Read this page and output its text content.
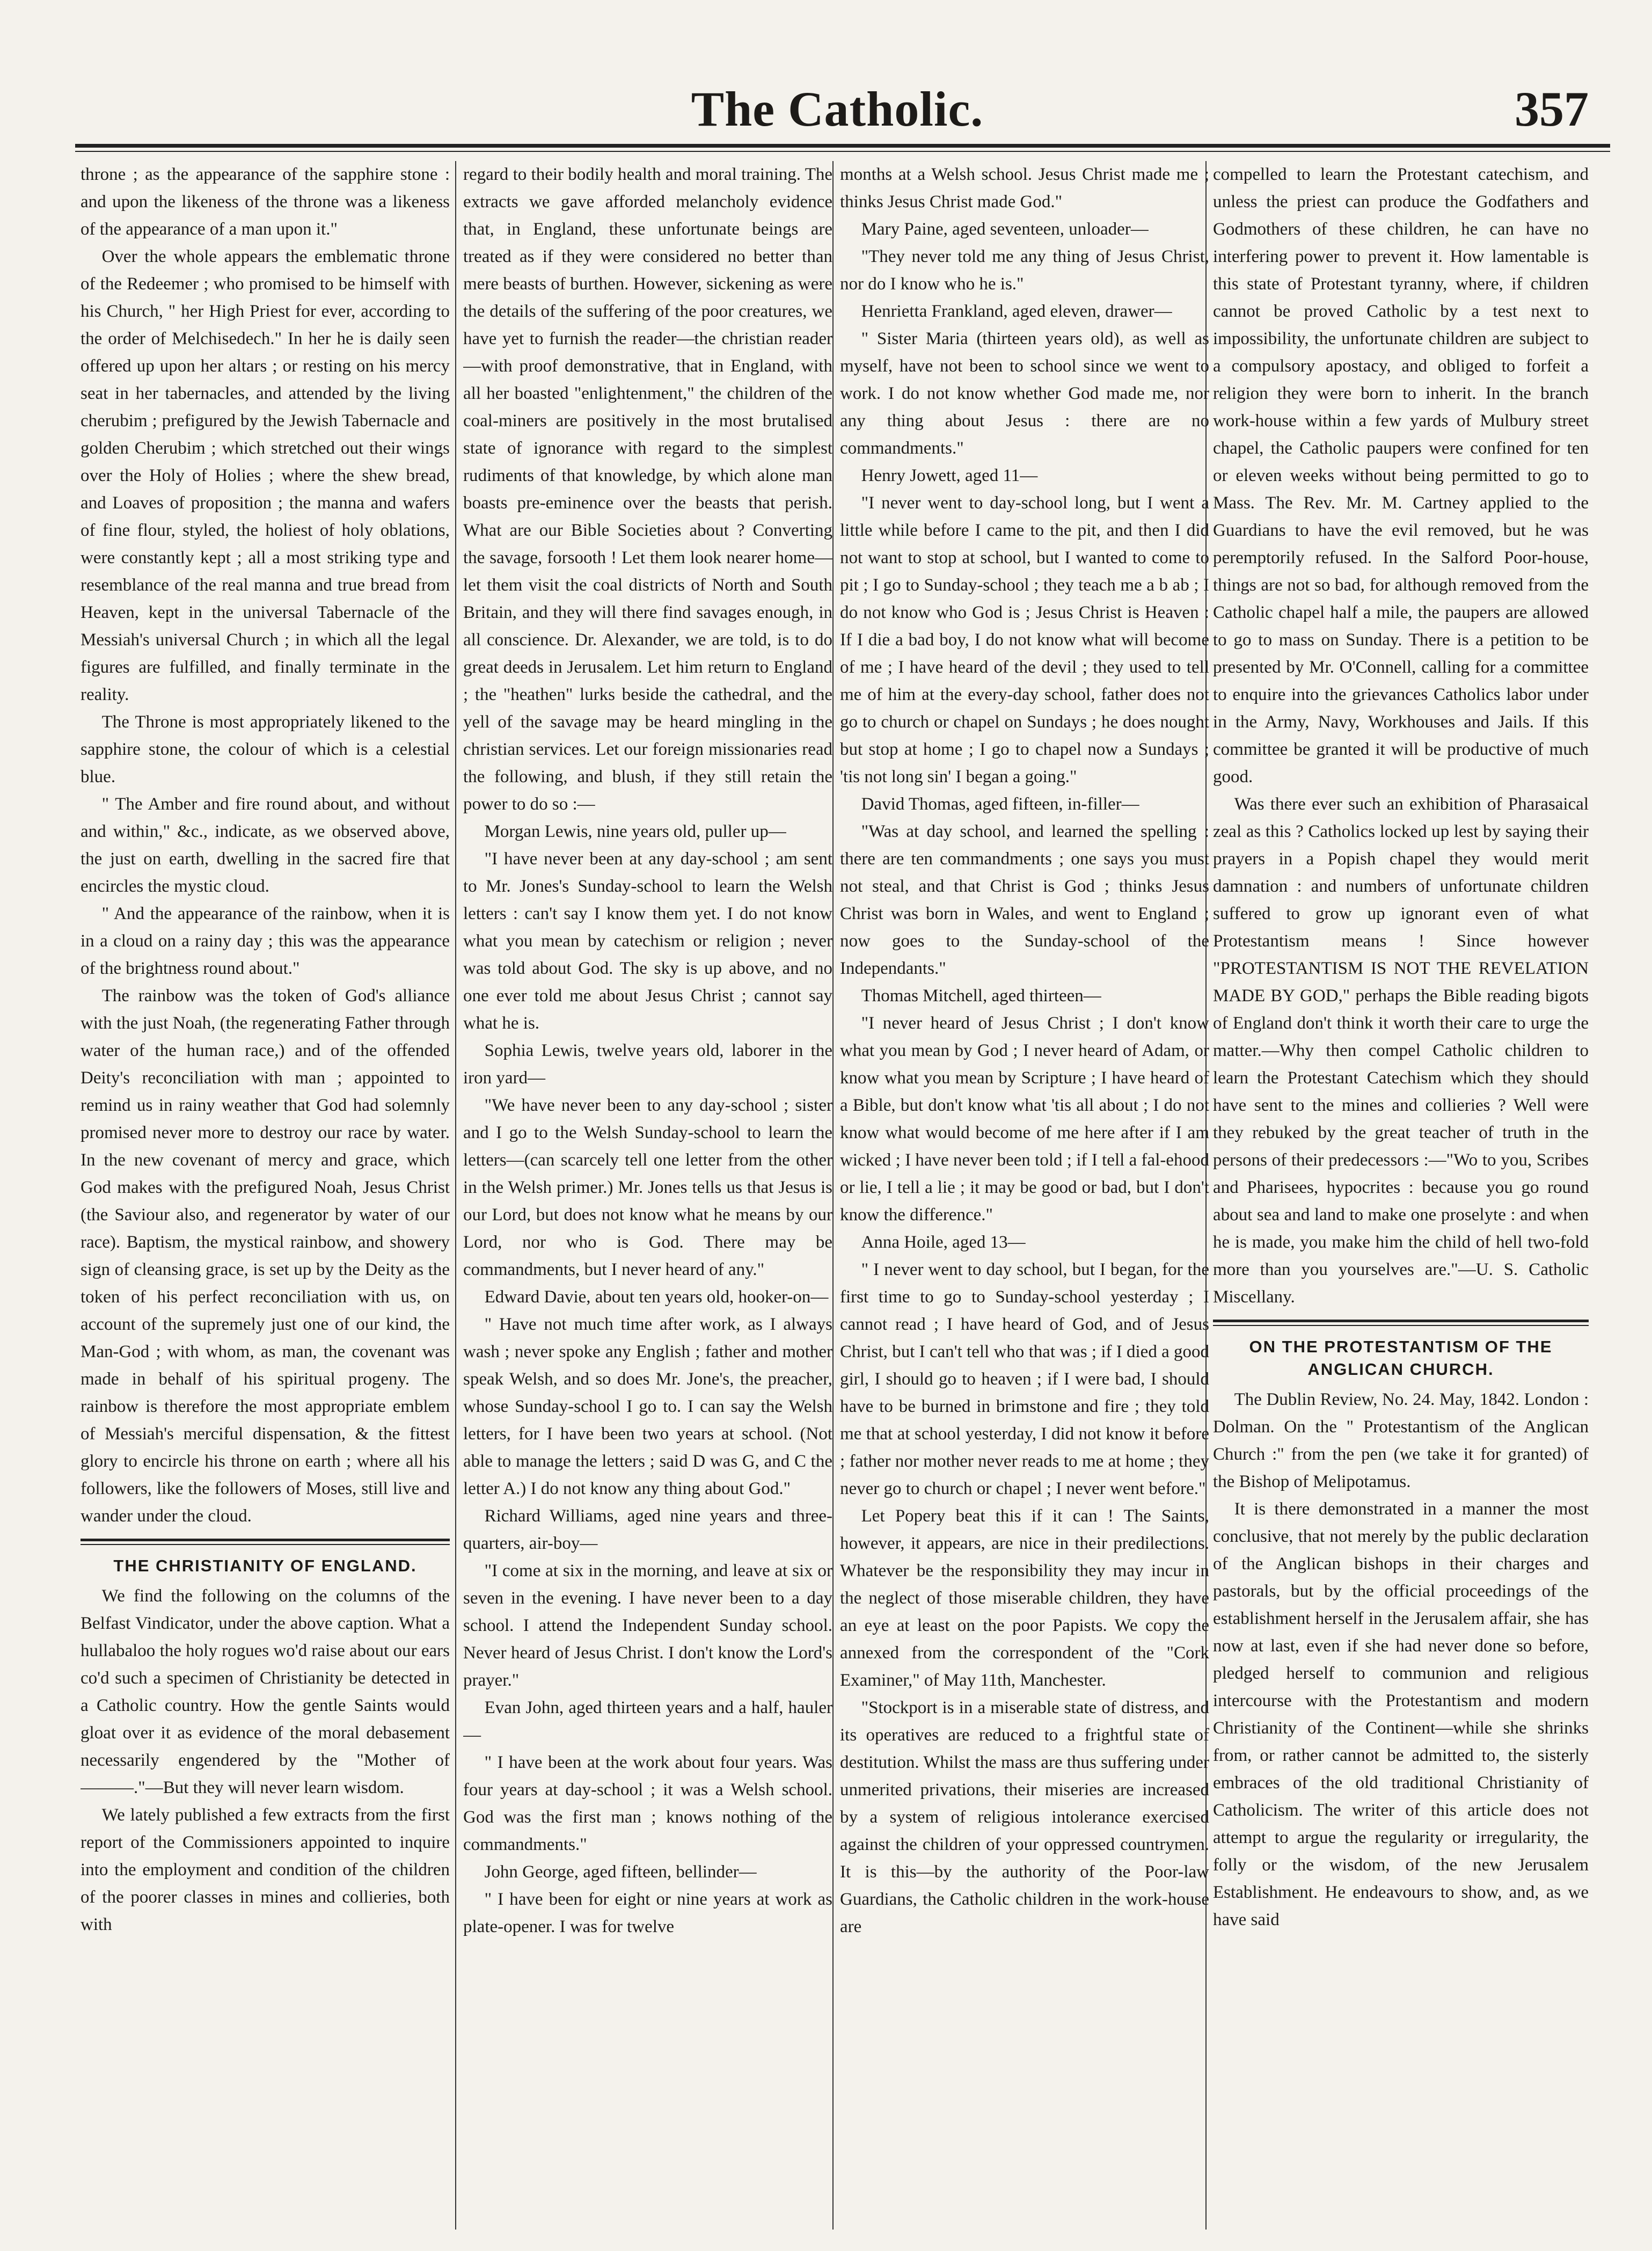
The Catholic.	357

throne ; as the appearance of the sapphire stone : and upon the likeness of the throne was a likeness of the appearance of a man upon it."

Over the whole appears the emblematic throne of the Redeemer ; who promised to be himself with his Church, " her High Priest for ever, according to the order of Melchisedech." In her he is daily seen offered up upon her altars ; or resting on his mercy seat in her tabernacles, and attended by the living cherubim ; prefigured by the Jewish Tabernacle and golden Cherubim ; which stretched out their wings over the Holy of Holies ; where the shew bread, and Loaves of proposition ; the manna and wafers of fine flour, styled, the holiest of holy oblations, were constantly kept ; all a most striking type and resemblance of the real manna and true bread from Heaven, kept in the universal Tabernacle of the Messiah's universal Church ; in which all the legal figures are fulfilled, and finally terminate in the reality.

The Throne is most appropriately likened to the sapphire stone, the colour of which is a celestial blue.

" The Amber and fire round about, and without and within," &c., indicate, as we observed above, the just on earth, dwelling in the sacred fire that encircles the mystic cloud.

" And the appearance of the rainbow, when it is in a cloud on a rainy day ; this was the appearance of the brightness round about."

The rainbow was the token of God's alliance with the just Noah, (the regenerating Father through water of the human race,) and of the offended Deity's reconciliation with man ; appointed to remind us in rainy weather that God had solemnly promised never more to destroy our race by water. In the new covenant of mercy and grace, which God makes with the prefigured Noah, Jesus Christ (the Saviour also, and regenerator by water of our race). Baptism, the mystical rainbow, and showery sign of cleansing grace, is set up by the Deity as the token of his perfect reconciliation with us, on account of the supremely just one of our kind, the Man-God ; with whom, as man, the covenant was made in behalf of his spiritual progeny. The rainbow is therefore the most appropriate emblem of Messiah's merciful dispensation, & the fittest glory to encircle his throne on earth ; where all his followers, like the followers of Moses, still live and wander under the cloud.

THE CHRISTIANITY OF ENGLAND.

We find the following on the columns of the Belfast Vindicator, under the above caption. What a hullabaloo the holy rogues wo'd raise about our ears co'd such a specimen of Christianity be detected in a Catholic country. How the gentle Saints would gloat over it as evidence of the moral debasement necessarily engendered by the "Mother of———."—But they will never learn wisdom.

We lately published a few extracts from the first report of the Commissioners appointed to inquire into the employment and condition of the children of the poorer classes in mines and collieries, both with

regard to their bodily health and moral training. The extracts we gave afforded melancholy evidence that, in England, these unfortunate beings are treated as if they were considered no better than mere beasts of burthen. However, sickening as were the details of the suffering of the poor creatures, we have yet to furnish the reader—the christian reader—with proof demonstrative, that in England, with all her boasted "enlightenment," the children of the coal-miners are positively in the most brutalised state of ignorance with regard to the simplest rudiments of that knowledge, by which alone man boasts pre-eminence over the beasts that perish. What are our Bible Societies about ? Converting the savage, forsooth ! Let them look nearer home—let them visit the coal districts of North and South Britain, and they will there find savages enough, in all conscience. Dr. Alexander, we are told, is to do great deeds in Jerusalem. Let him return to England ; the "heathen" lurks beside the cathedral, and the yell of the savage may be heard mingling in the christian services. Let our foreign missionaries read the following, and blush, if they still retain the power to do so :—

Morgan Lewis, nine years old, puller up—

"I have never been at any day-school ; am sent to Mr. Jones's Sunday-school to learn the Welsh letters : can't say I know them yet. I do not know what you mean by catechism or religion ; never was told about God. The sky is up above, and no one ever told me about Jesus Christ ; cannot say what he is.

Sophia Lewis, twelve years old, laborer in the iron yard—

"We have never been to any day-school ; sister and I go to the Welsh Sunday-school to learn the letters—(can scarcely tell one letter from the other in the Welsh primer.) Mr. Jones tells us that Jesus is our Lord, but does not know what he means by our Lord, nor who is God. There may be commandments, but I never heard of any."

Edward Davie, about ten years old, hooker-on—

" Have not much time after work, as I always wash ; never spoke any English ; father and mother speak Welsh, and so does Mr. Jone's, the preacher, whose Sunday-school I go to. I can say the Welsh letters, for I have been two years at school. (Not able to manage the letters ; said D was G, and C the letter A.) I do not know any thing about God."

Richard Williams, aged nine years and three-quarters, air-boy—

"I come at six in the morning, and leave at six or seven in the evening. I have never been to a day school. I attend the Independent Sunday school. Never heard of Jesus Christ. I don't know the Lord's prayer."

Evan John, aged thirteen years and a half, hauler—

" I have been at the work about four years. Was four years at day-school ; it was a Welsh school. God was the first man ; knows nothing of the commandments."

John George, aged fifteen, bellinder—

" I have been for eight or nine years at work as plate-opener. I was for twelve

months at a Welsh school. Jesus Christ made me ; thinks Jesus Christ made God."

Mary Paine, aged seventeen, unloader—

"They never told me any thing of Jesus Christ, nor do I know who he is."

Henrietta Frankland, aged eleven, drawer—

" Sister Maria (thirteen years old), as well as myself, have not been to school since we went to work. I do not know whether God made me, nor any thing about Jesus : there are no commandments."

Henry Jowett, aged 11—

"I never went to day-school long, but I went a little while before I came to the pit, and then I did not want to stop at school, but I wanted to come to pit ; I go to Sunday-school ; they teach me a b ab ; I do not know who God is ; Jesus Christ is Heaven : If I die a bad boy, I do not know what will become of me ; I have heard of the devil ; they used to tell me of him at the every-day school, father does not go to church or chapel on Sundays ; he does nought but stop at home ; I go to chapel now a Sundays ; 'tis not long sin' I began a going."

David Thomas, aged fifteen, in-filler—

"Was at day school, and learned the spelling : there are ten commandments ; one says you must not steal, and that Christ is God ; thinks Jesus Christ was born in Wales, and went to England ; now goes to the Sunday-school of the Independants."

Thomas Mitchell, aged thirteen—

"I never heard of Jesus Christ ; I don't know what you mean by God ; I never heard of Adam, or know what you mean by Scripture ; I have heard of a Bible, but don't know what 'tis all about ; I do not know what would become of me here after if I am wicked ; I have never been told ; if I tell a fal-ehood or lie, I tell a lie ; it may be good or bad, but I don't know the difference."

Anna Hoile, aged 13—

" I never went to day school, but I began, for the first time to go to Sunday-school yesterday ; I cannot read ; I have heard of God, and of Jesus Christ, but I can't tell who that was ; if I died a good girl, I should go to heaven ; if I were bad, I should have to be burned in brimstone and fire ; they told me that at school yesterday, I did not know it before ; father nor mother never reads to me at home ; they never go to church or chapel ; I never went before."

Let Popery beat this if it can ! The Saints, however, it appears, are nice in their predilections. Whatever be the responsibility they may incur in the neglect of those miserable children, they have an eye at least on the poor Papists. We copy the annexed from the correspondent of the "Cork Examiner," of May 11th, Manchester.

"Stockport is in a miserable state of distress, and its operatives are reduced to a frightful state of destitution. Whilst the mass are thus suffering under unmerited privations, their miseries are increased by a system of religious intolerance exercised against the children of your oppressed countrymen. It is this—by the authority of the Poor-law Guardians, the Catholic children in the work-house are

compelled to learn the Protestant catechism, and unless the priest can produce the Godfathers and Godmothers of these children, he can have no interfering power to prevent it. How lamentable is this state of Protestant tyranny, where, if children cannot be proved Catholic by a test next to impossibility, the unfortunate children are subject to a compulsory apostacy, and obliged to forfeit a religion they were born to inherit. In the branch work-house within a few yards of Mulbury street chapel, the Catholic paupers were confined for ten or eleven weeks without being permitted to go to Mass. The Rev. Mr. M. Cartney applied to the Guardians to have the evil removed, but he was peremptorily refused. In the Salford Poor-house, things are not so bad, for although removed from the Catholic chapel half a mile, the paupers are allowed to go to mass on Sunday. There is a petition to be presented by Mr. O'Connell, calling for a committee to enquire into the grievances Catholics labor under in the Army, Navy, Workhouses and Jails. If this committee be granted it will be productive of much good.

Was there ever such an exhibition of Pharasaical zeal as this ? Catholics locked up lest by saying their prayers in a Popish chapel they would merit damnation : and numbers of unfortunate children suffered to grow up ignorant even of what Protestantism means ! Since however "PROTESTANTISM IS NOT THE REVELATION MADE BY GOD," perhaps the Bible reading bigots of England don't think it worth their care to urge the matter.—Why then compel Catholic children to learn the Protestant Catechism which they should have sent to the mines and collieries ? Well were they rebuked by the great teacher of truth in the persons of their predecessors :—"Wo to you, Scribes and Pharisees, hypocrites : because you go round about sea and land to make one proselyte : and when he is made, you make him the child of hell two-fold more than you yourselves are."—U. S. Catholic Miscellany.

ON THE PROTESTANTISM OF THE ANGLICAN CHURCH.

The Dublin Review, No. 24. May, 1842. London : Dolman. On the " Protestantism of the Anglican Church :" from the pen (we take it for granted) of the Bishop of Melipotamus.

It is there demonstrated in a manner the most conclusive, that not merely by the public declaration of the Anglican bishops in their charges and pastorals, but by the official proceedings of the establishment herself in the Jerusalem affair, she has now at last, even if she had never done so before, pledged herself to communion and religious intercourse with the Protestantism and modern Christianity of the Continent—while she shrinks from, or rather cannot be admitted to, the sisterly embraces of the old traditional Christianity of Catholicism. The writer of this article does not attempt to argue the regularity or irregularity, the folly or the wisdom, of the new Jerusalem Establishment. He endeavours to show, and, as we have said
